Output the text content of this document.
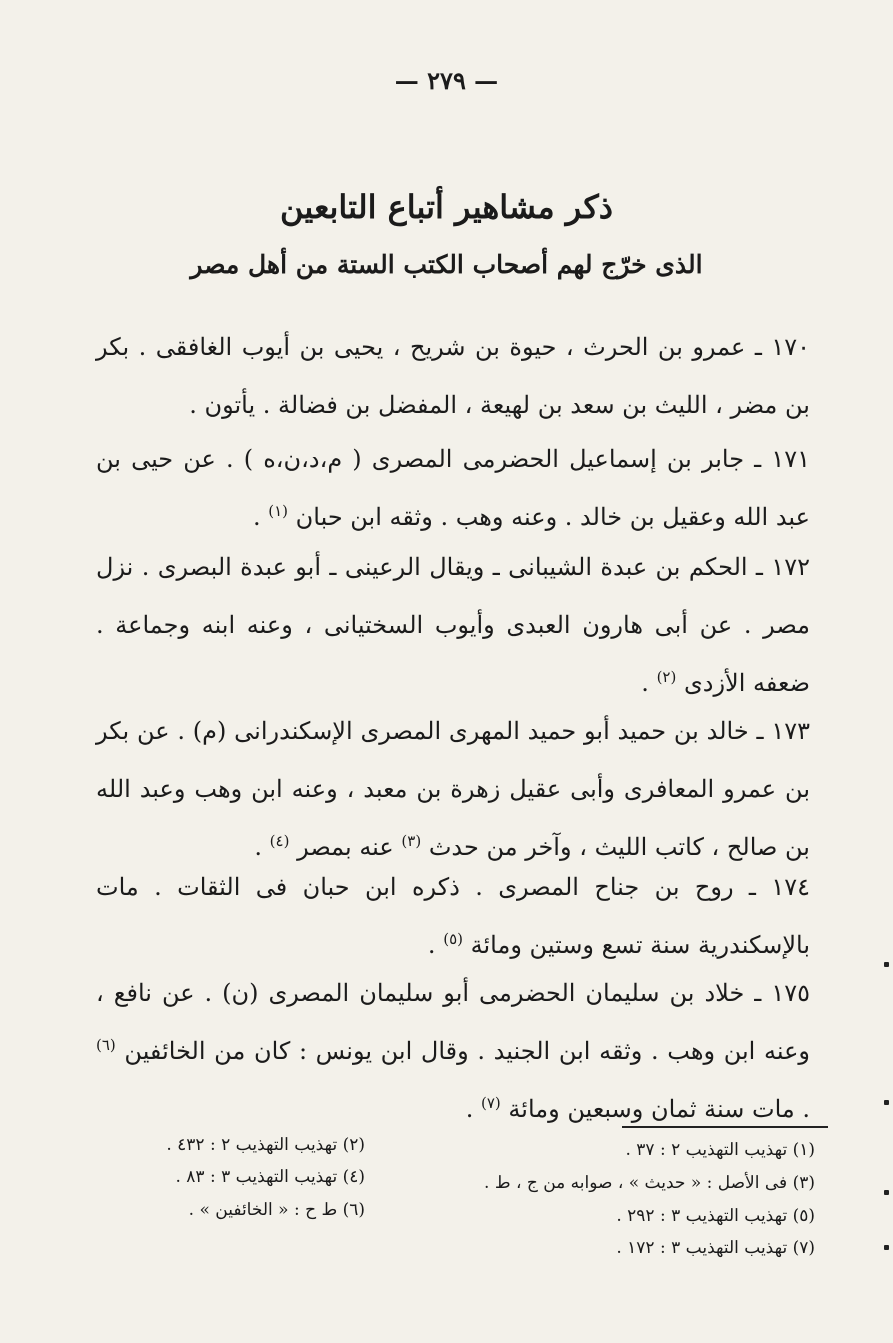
— ٢٧٩ —
ذكر مشاهير أتباع التابعين
الذى خرّج لهم أصحاب الكتب الستة من أهل مصر
١٧٠ ـ عمرو بن الحرث ، حيوة بن شريح ، يحيى بن أيوب الغافقى . بكر بن مضر ، الليث بن سعد بن لهيعة ، المفضل بن فضالة . يأتون .
١٧١ ـ جابر بن إسماعيل الحضرمى المصرى ( م،د،ن،ه ) . عن حيى بن عبد الله وعقيل بن خالد . وعنه وهب . وثقه ابن حبان $^{(١)}$ .
١٧٢ ـ الحكم بن عبدة الشيبانى ـ ويقال الرعينى ـ أبو عبدة البصرى . نزل مصر . عن أبى هارون العبدى وأيوب السختيانى ، وعنه ابنه وجماعة . ضعفه الأزدى $^{(٢)}$ .
١٧٣ ـ خالد بن حميد أبو حميد المهرى المصرى الإسكندرانى (م) . عن بكر بن عمرو المعافرى وأبى عقيل زهرة بن معبد ، وعنه ابن وهب وعبد الله بن صالح ، كاتب الليث ، وآخر من حدث $^{(٣)}$ عنه بمصر $^{(٤)}$ .
١٧٤ ـ روح بن جناح المصرى . ذكره ابن حبان فى الثقات . مات بالإسكندرية سنة تسع وستين ومائة $^{(٥)}$ .
١٧٥ ـ خلاد بن سليمان الحضرمى أبو سليمان المصرى (ن) . عن نافع ، وعنه ابن وهب . وثقه ابن الجنيد . وقال ابن يونس : كان من الخائفين $^{(٦)}$ . مات سنة ثمان وسبعين ومائة $^{(٧)}$ .
(١) تهذيب التهذيب ٢ : ٣٧ .
(٢) تهذيب التهذيب ٢ : ٤٣٢ .
(٣) فى الأصل : « حديث » ، صوابه من ج ، ط .
(٤) تهذيب التهذيب ٣ : ٨٣ .
(٥) تهذيب التهذيب ٣ : ٢٩٢ .
(٦) ط ح : « الخائفين » .
(٧) تهذيب التهذيب ٣ : ١٧٢ .
